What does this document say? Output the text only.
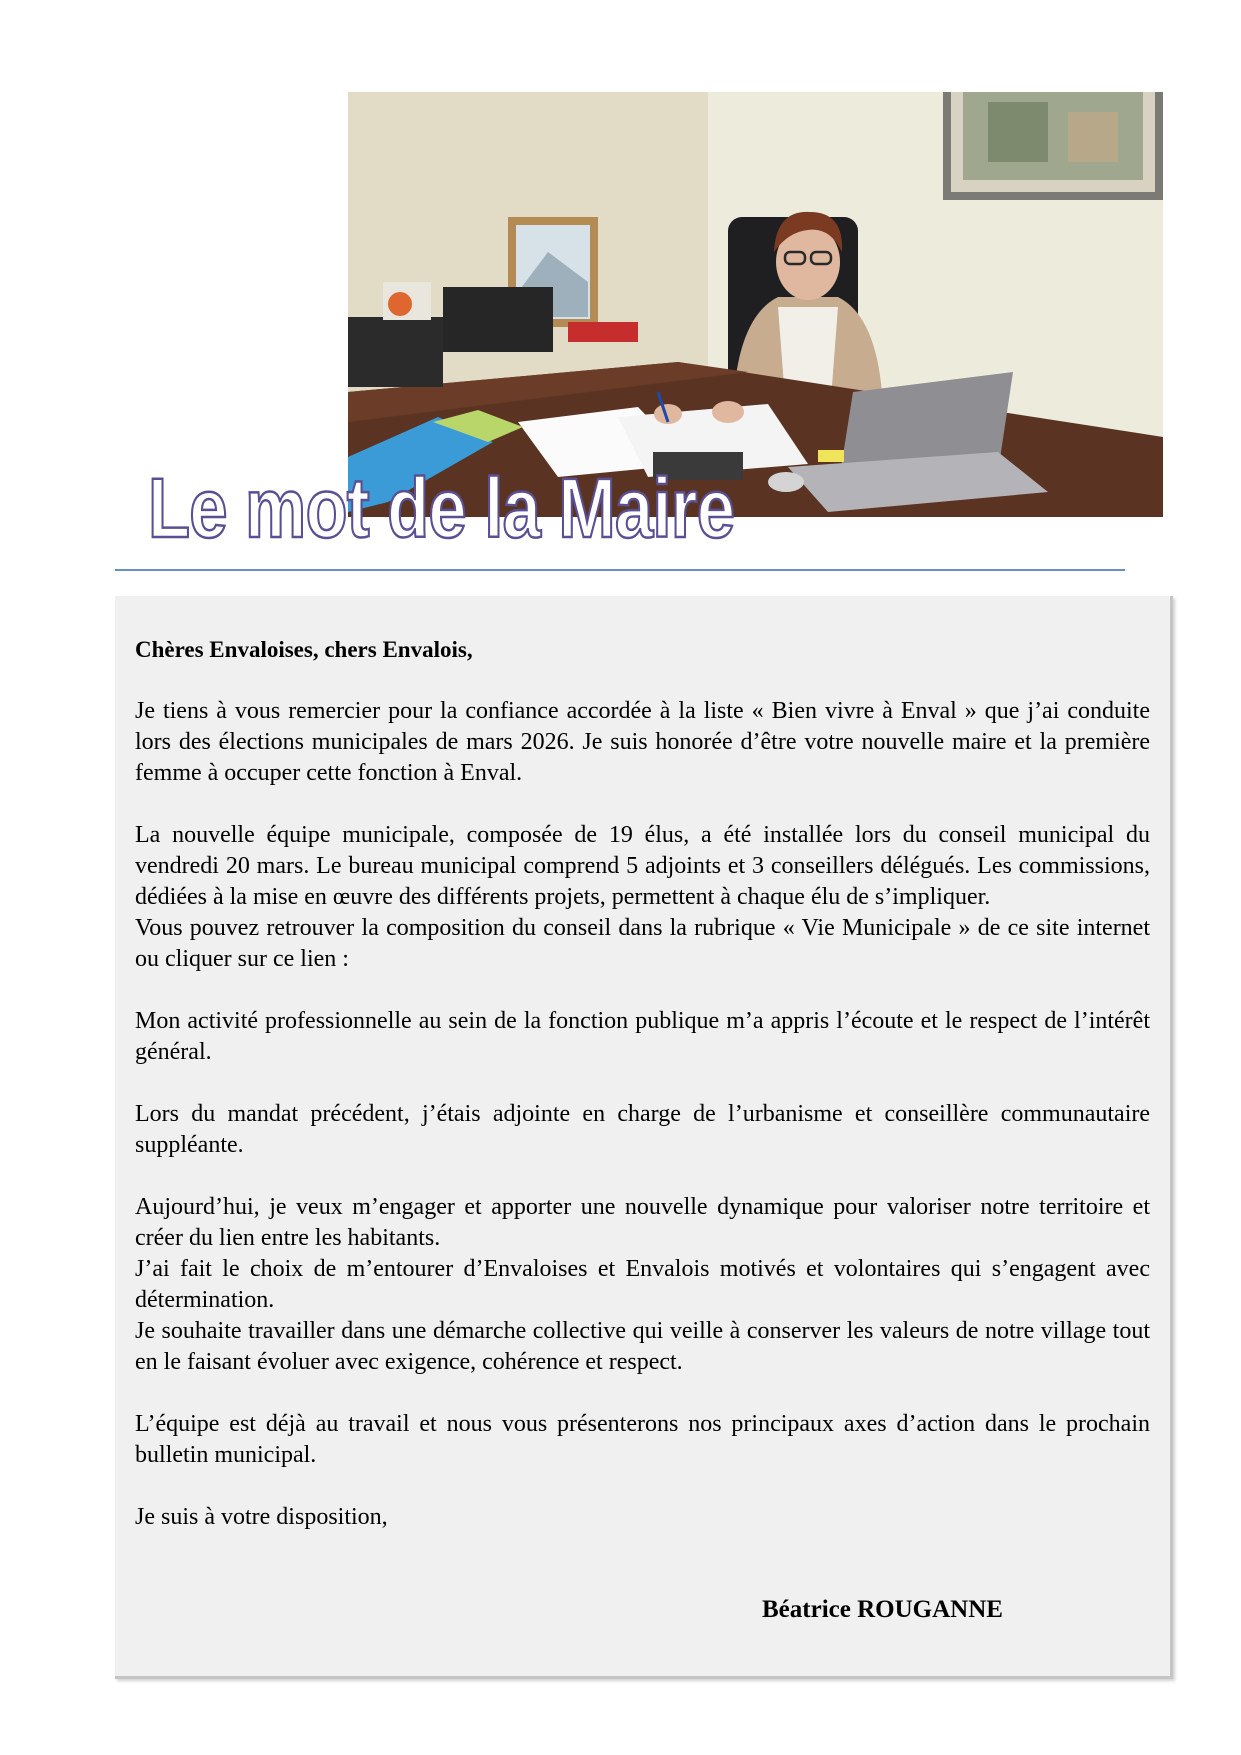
Le mot de la Maire

Chères Envaloises, chers Envalois,

Je tiens à vous remercier pour la confiance accordée à la liste « Bien vivre à Enval » que j’ai conduite lors des élections municipales de mars 2026. Je suis honorée d’être votre nouvelle maire et la première femme à occuper cette fonction à Enval.

La nouvelle équipe municipale, composée de 19 élus, a été installée lors du conseil municipal du vendredi 20 mars. Le bureau municipal comprend 5 adjoints et 3 conseillers délégués. Les commissions, dédiées à la mise en œuvre des différents projets, permettent à chaque élu de s’impliquer.

Vous pouvez retrouver la composition du conseil dans la rubrique « Vie Municipale » de ce site internet ou cliquer sur ce lien :

Mon activité professionnelle au sein de la fonction publique m’a appris l’écoute et le respect de l’intérêt général.

Lors du mandat précédent, j’étais adjointe en charge de l’urbanisme et conseillère communautaire suppléante.

Aujourd’hui, je veux m’engager et apporter une nouvelle dynamique pour valoriser notre territoire et créer du lien entre les habitants.

J’ai fait le choix de m’entourer d’Envaloises et Envalois motivés et volontaires qui s’engagent avec détermination.

Je souhaite travailler dans une démarche collective qui veille à conserver les valeurs de notre village tout en le faisant évoluer avec exigence, cohérence et respect.

L’équipe est déjà au travail et nous vous présenterons nos principaux axes d’action dans le prochain bulletin municipal.

Je suis à votre disposition,

Béatrice ROUGANNE
